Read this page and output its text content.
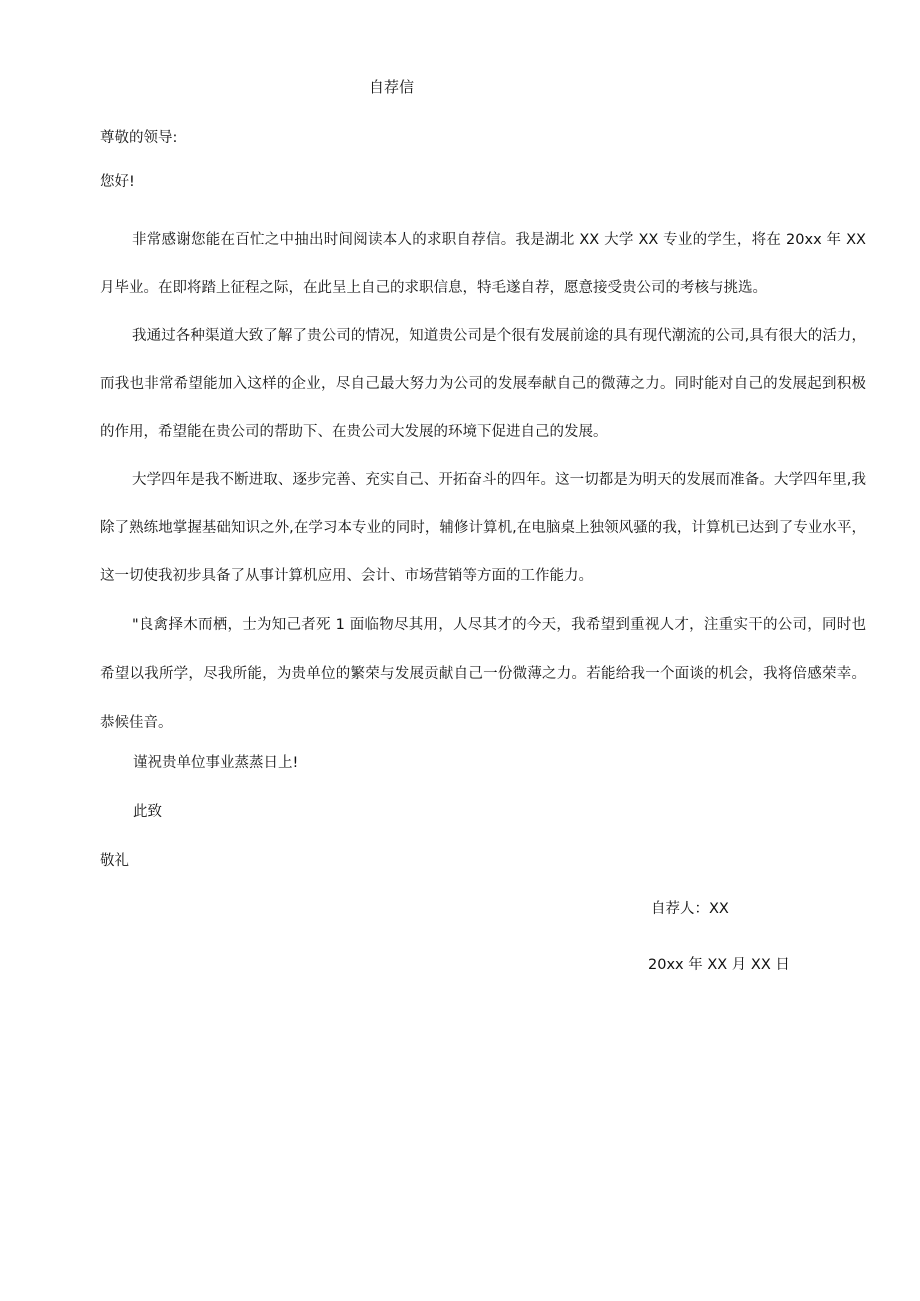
自荐信
尊敬的领导:
您好!

非常感谢您能在百忙之中抽出时间阅读本人的求职自荐信。我是湖北 XX 大学 XX 专业的学生，将在 20xx 年 XX 月毕业。在即将踏上征程之际，在此呈上自己的求职信息，特毛遂自荐，愿意接受贵公司的考核与挑选。

我通过各种渠道大致了解了贵公司的情况，知道贵公司是个很有发展前途的具有现代潮流的公司,具有很大的活力，而我也非常希望能加入这样的企业，尽自己最大努力为公司的发展奉献自己的微薄之力。同时能对自己的发展起到积极的作用，希望能在贵公司的帮助下、在贵公司大发展的环境下促进自己的发展。

大学四年是我不断进取、逐步完善、充实自己、开拓奋斗的四年。这一切都是为明天的发展而准备。大学四年里,我除了熟练地掌握基础知识之外,在学习本专业的同时，辅修计算机,在电脑桌上独领风骚的我，计算机已达到了专业水平，这一切使我初步具备了从事计算机应用、会计、市场营销等方面的工作能力。

"良禽择木而栖，士为知己者死 1 面临物尽其用，人尽其才的今天，我希望到重视人才，注重实干的公司，同时也希望以我所学，尽我所能，为贵单位的繁荣与发展贡献自己一份微薄之力。若能给我一个面谈的机会，我将倍感荣幸。恭候佳音。

谨祝贵单位事业蒸蒸日上!
此致
敬礼
自荐人：XX
20xx 年 XX 月 XX 日
